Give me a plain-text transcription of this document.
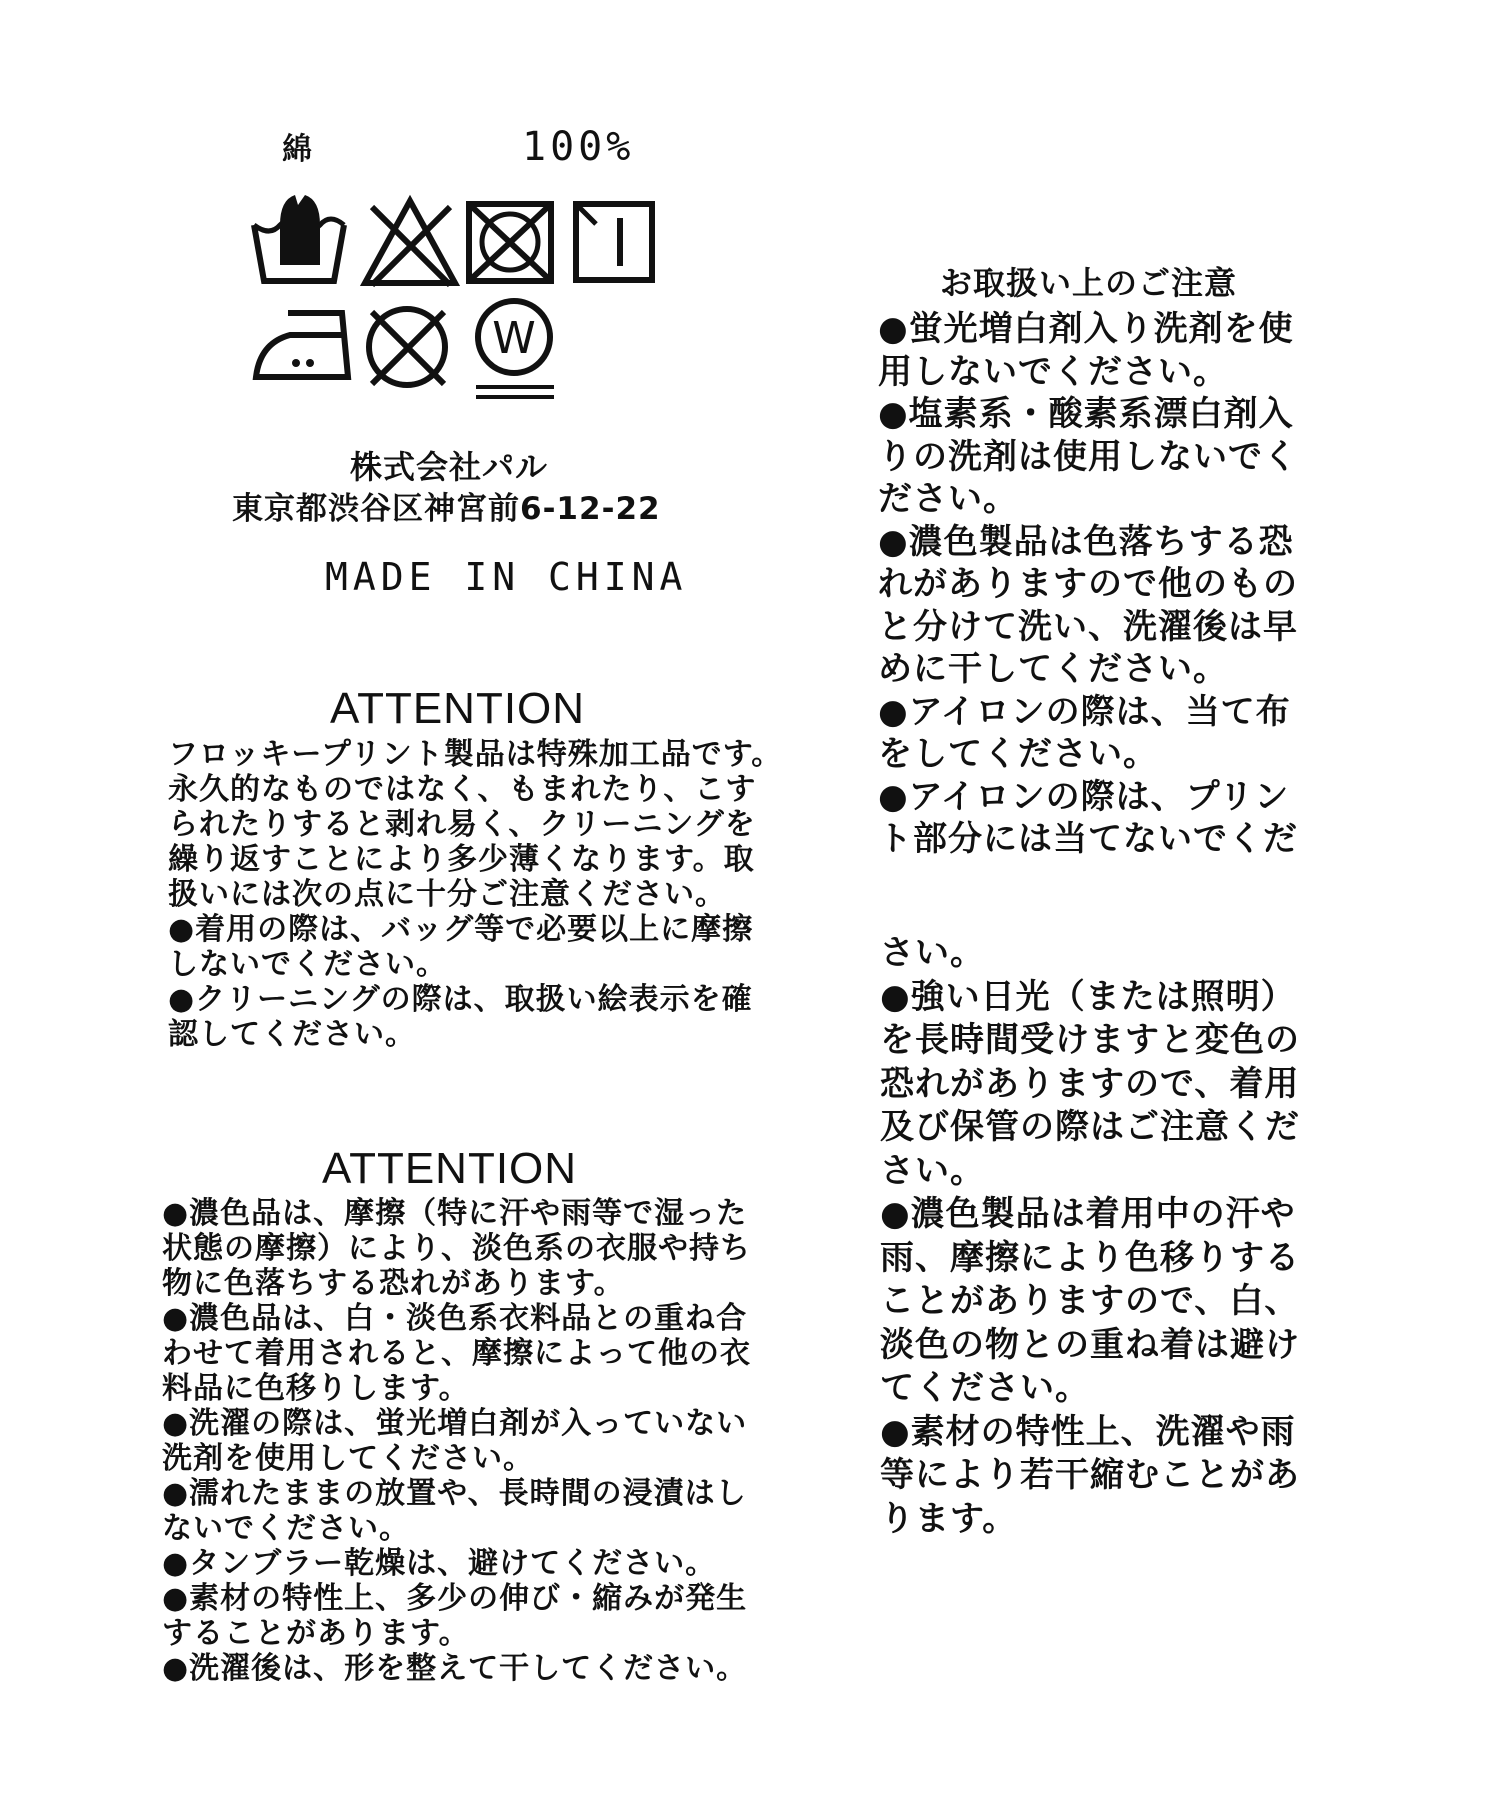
綿	100%
W
株式会社パル
東京都渋谷区神宮前6-12-22
MADE IN CHINA
ATTENTION
フロッキープリント製品は特殊加工品です。
永久的なものではなく、もまれたり、こす
られたりすると剥れ易く、クリーニングを
繰り返すことにより多少薄くなります。取
扱いには次の点に十分ご注意ください。
●着用の際は、バッグ等で必要以上に摩擦
しないでください。
●クリーニングの際は、取扱い絵表示を確
認してください。
ATTENTION
●濃色品は、摩擦（特に汗や雨等で湿った
状態の摩擦）により、淡色系の衣服や持ち
物に色落ちする恐れがあります。
●濃色品は、白・淡色系衣料品との重ね合
わせて着用されると、摩擦によって他の衣
料品に色移りします。
●洗濯の際は、蛍光増白剤が入っていない
洗剤を使用してください。
●濡れたままの放置や、長時間の浸漬はし
ないでください。
●タンブラー乾燥は、避けてください。
●素材の特性上、多少の伸び・縮みが発生
することがあります。
●洗濯後は、形を整えて干してください。
お取扱い上のご注意
●蛍光増白剤入り洗剤を使
用しないでください。
●塩素系・酸素系漂白剤入
りの洗剤は使用しないでく
ださい。
●濃色製品は色落ちする恐
れがありますので他のもの
と分けて洗い、洗濯後は早
めに干してください。
●アイロンの際は、当て布
をしてください。
●アイロンの際は、プリン
ト部分には当てないでくだ
さい。
●強い日光（または照明）
を長時間受けますと変色の
恐れがありますので、着用
及び保管の際はご注意くだ
さい。
●濃色製品は着用中の汗や
雨、摩擦により色移りする
ことがありますので、白、
淡色の物との重ね着は避け
てください。
●素材の特性上、洗濯や雨
等により若干縮むことがあ
ります。
